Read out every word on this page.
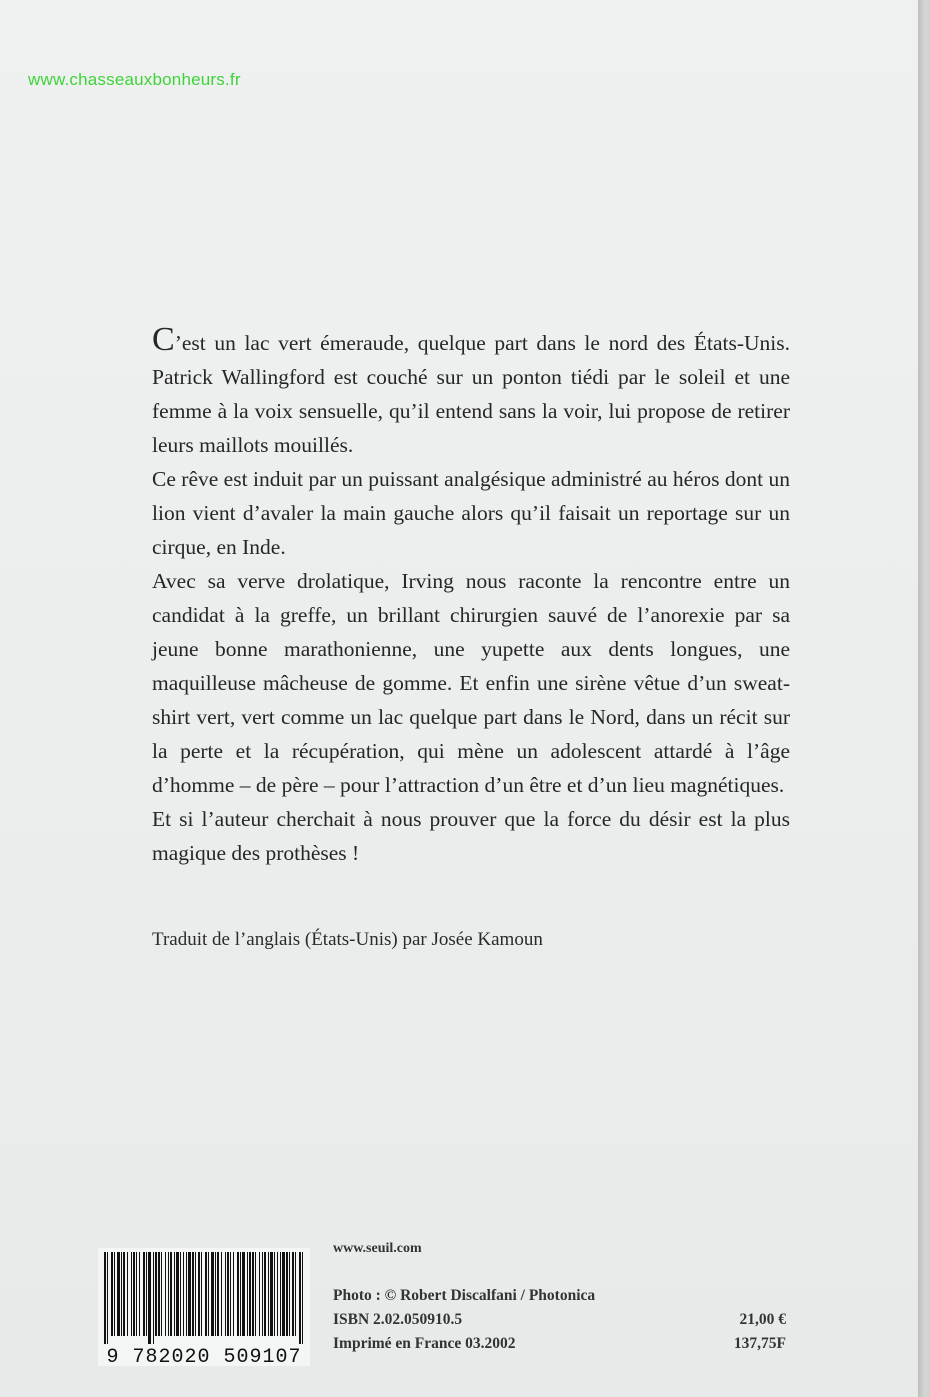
www.chasseauxbonheurs.fr

C’est un lac vert émeraude, quelque part dans le nord des États-Unis. Patrick Wallingford est couché sur un ponton tiédi par le soleil et une femme à la voix sensuelle, qu’il entend sans la voir, lui propose de retirer leurs maillots mouillés.

Ce rêve est induit par un puissant analgésique administré au héros dont un lion vient d’avaler la main gauche alors qu’il faisait un reportage sur un cirque, en Inde.

Avec sa verve drolatique, Irving nous raconte la rencontre entre un candidat à la greffe, un brillant chirurgien sauvé de l’anorexie par sa jeune bonne marathonienne, une yupette aux dents longues, une maquilleuse mâcheuse de gomme. Et enfin une sirène vêtue d’un sweat-shirt vert, vert comme un lac quelque part dans le Nord, dans un récit sur la perte et la récupération, qui mène un adolescent attardé à l’âge d’homme – de père – pour l’attraction d’un être et d’un lieu magnétiques.

Et si l’auteur cherchait à nous prouver que la force du désir est la plus magique des prothèses !

Traduit de l’anglais (États-Unis) par Josée Kamoun
9 782020 509107
www.seuil.com
Photo : © Robert Discalfani / Photonica
ISBN 2.02.050910.5
Imprimé en France 03.2002
21,00 €
137,75F
